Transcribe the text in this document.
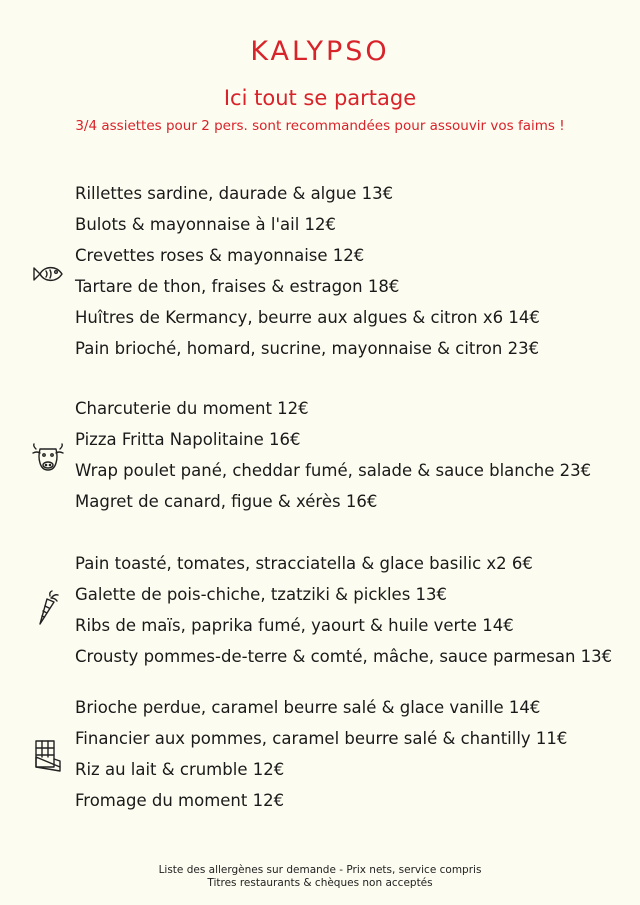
KALYPSO
Ici tout se partage
3/4 assiettes pour 2 pers. sont recommandées pour assouvir vos faims !
Rillettes sardine, daurade & algue 13€
Bulots & mayonnaise à l'ail 12€
Crevettes roses & mayonnaise 12€
Tartare de thon, fraises & estragon 18€
Huîtres de Kermancy, beurre aux algues & citron x6 14€
Pain brioché, homard, sucrine, mayonnaise & citron 23€
Charcuterie du moment 12€
Pizza Fritta Napolitaine 16€
Wrap poulet pané, cheddar fumé, salade & sauce blanche 23€
Magret de canard, figue & xérès 16€
Pain toasté, tomates, stracciatella & glace basilic x2 6€
Galette de pois-chiche, tzatziki & pickles 13€
Ribs de maïs, paprika fumé, yaourt & huile verte 14€
Crousty pommes-de-terre & comté, mâche, sauce parmesan 13€
Brioche perdue, caramel beurre salé & glace vanille 14€
Financier aux pommes, caramel beurre salé & chantilly 11€
Riz au lait & crumble 12€
Fromage du moment 12€
Liste des allergènes sur demande - Prix nets, service compris
Titres restaurants & chèques non acceptés
